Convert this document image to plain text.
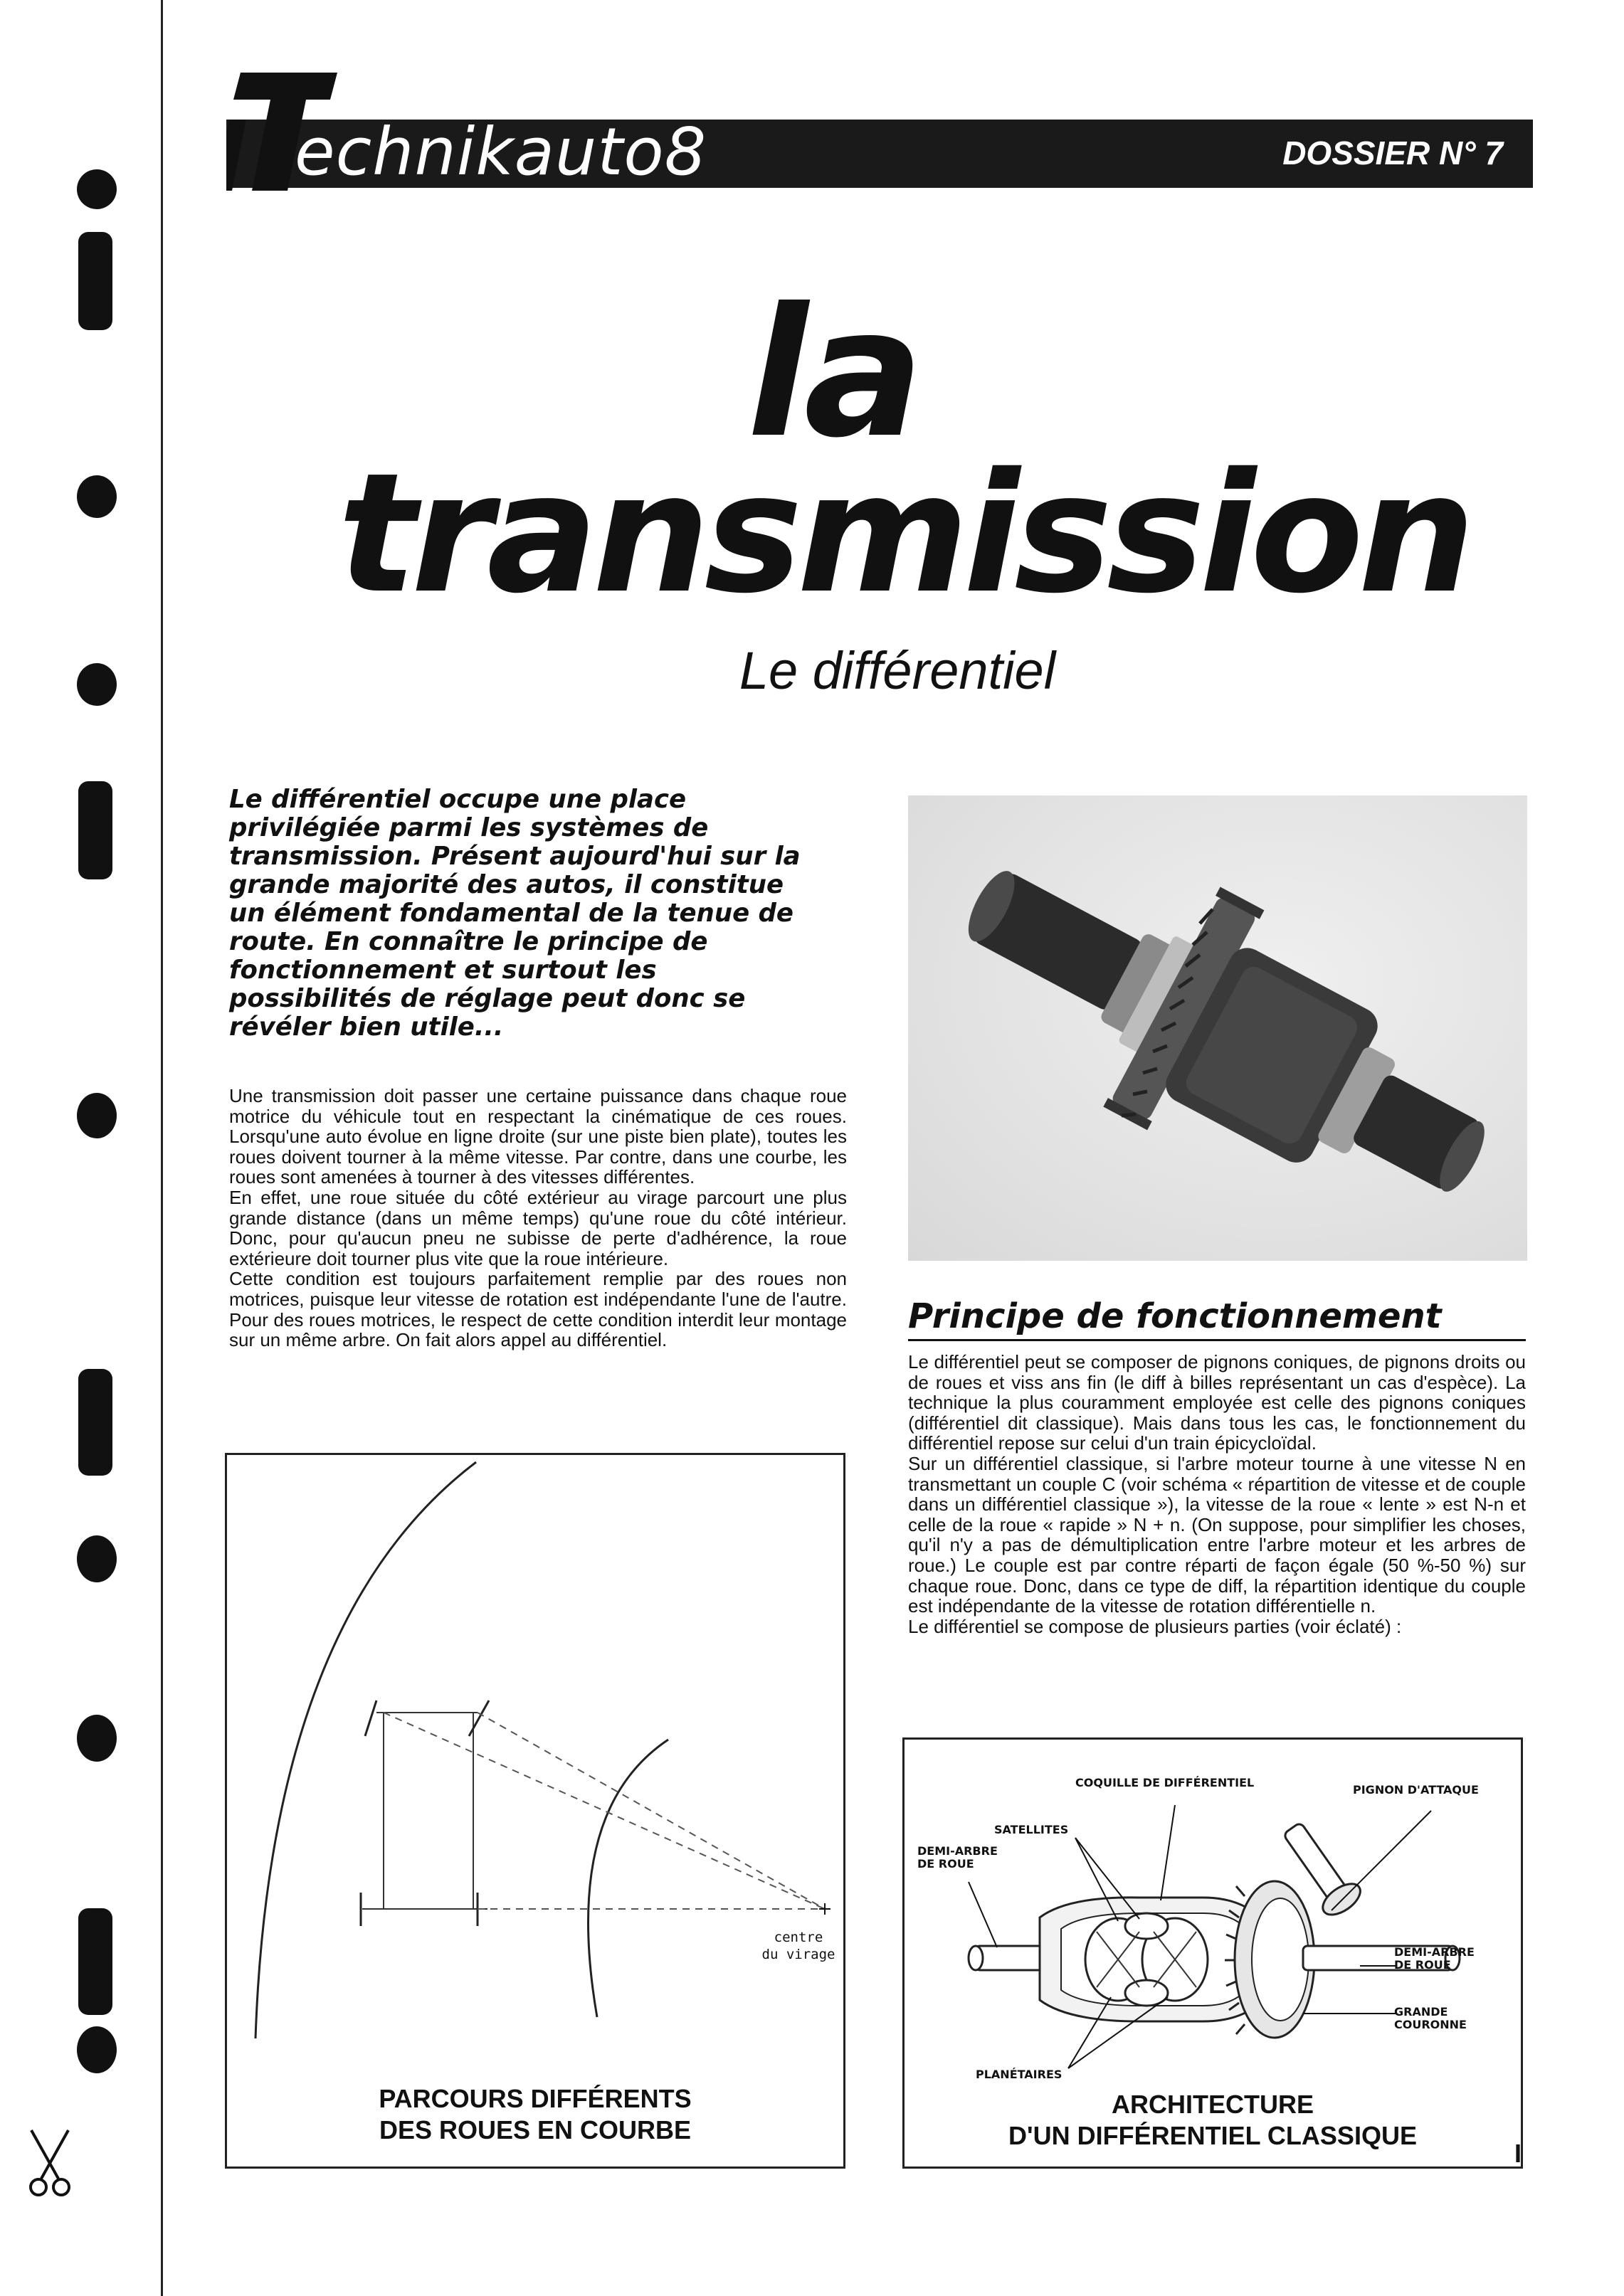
echnikauto8	DOSSIER N° 7
la
transmission
Le différentiel
Le différentiel occupe une place privilégiée parmi les systèmes de transmission. Présent aujourd'hui sur la grande majorité des autos, il constitue un élément fondamental de la tenue de route. En connaître le principe de fonctionnement et surtout les possibilités de réglage peut donc se révéler bien utile...

Une transmission doit passer une certaine puissance dans chaque roue motrice du véhicule tout en respectant la cinématique de ces roues. Lorsqu'une auto évolue en ligne droite (sur une piste bien plate), toutes les roues doivent tourner à la même vitesse. Par contre, dans une courbe, les roues sont amenées à tourner à des vitesses différentes.

En effet, une roue située du côté extérieur au virage parcourt une plus grande distance (dans un même temps) qu'une roue du côté intérieur. Donc, pour qu'aucun pneu ne subisse de perte d'adhérence, la roue extérieure doit tourner plus vite que la roue intérieure.

Cette condition est toujours parfaitement remplie par des roues non motrices, puisque leur vitesse de rotation est indépendante l'une de l'autre. Pour des roues motrices, le respect de cette condition interdit leur montage sur un même arbre. On fait alors appel au différentiel.

Principe de fonctionnement

Le différentiel peut se composer de pignons coniques, de pignons droits ou de roues et viss ans fin (le diff à billes représentant un cas d'espèce). La technique la plus couramment employée est celle des pignons coniques (différentiel dit classique). Mais dans tous les cas, le fonctionnement du différentiel repose sur celui d'un train épicycloïdal.

Sur un différentiel classique, si l'arbre moteur tourne à une vitesse N en transmettant un couple C (voir schéma « répartition de vitesse et de couple dans un différentiel classique »), la vitesse de la roue « lente » est N-n et celle de la roue « rapide » N + n. (On suppose, pour simplifier les choses, qu'il n'y a pas de démultiplication entre l'arbre moteur et les arbres de roue.) Le couple est par contre réparti de façon égale (50 %-50 %) sur chaque roue. Donc, dans ce type de diff, la répartition identique du couple est indépendante de la vitesse de rotation différentielle n.

Le différentiel se compose de plusieurs parties (voir éclaté) :

centre
du virage
PARCOURS DIFFÉRENTS
DES ROUES EN COURBE
COQUILLE DE DIFFÉRENTIEL
PIGNON D'ATTAQUE
SATELLITES
DEMI-ARBRE
DE ROUE
DEMI-ARBRE
DE ROUE
GRANDE COURONNE
PLANÉTAIRES
ARCHITECTURE
D'UN DIFFÉRENTIEL CLASSIQUE
I
